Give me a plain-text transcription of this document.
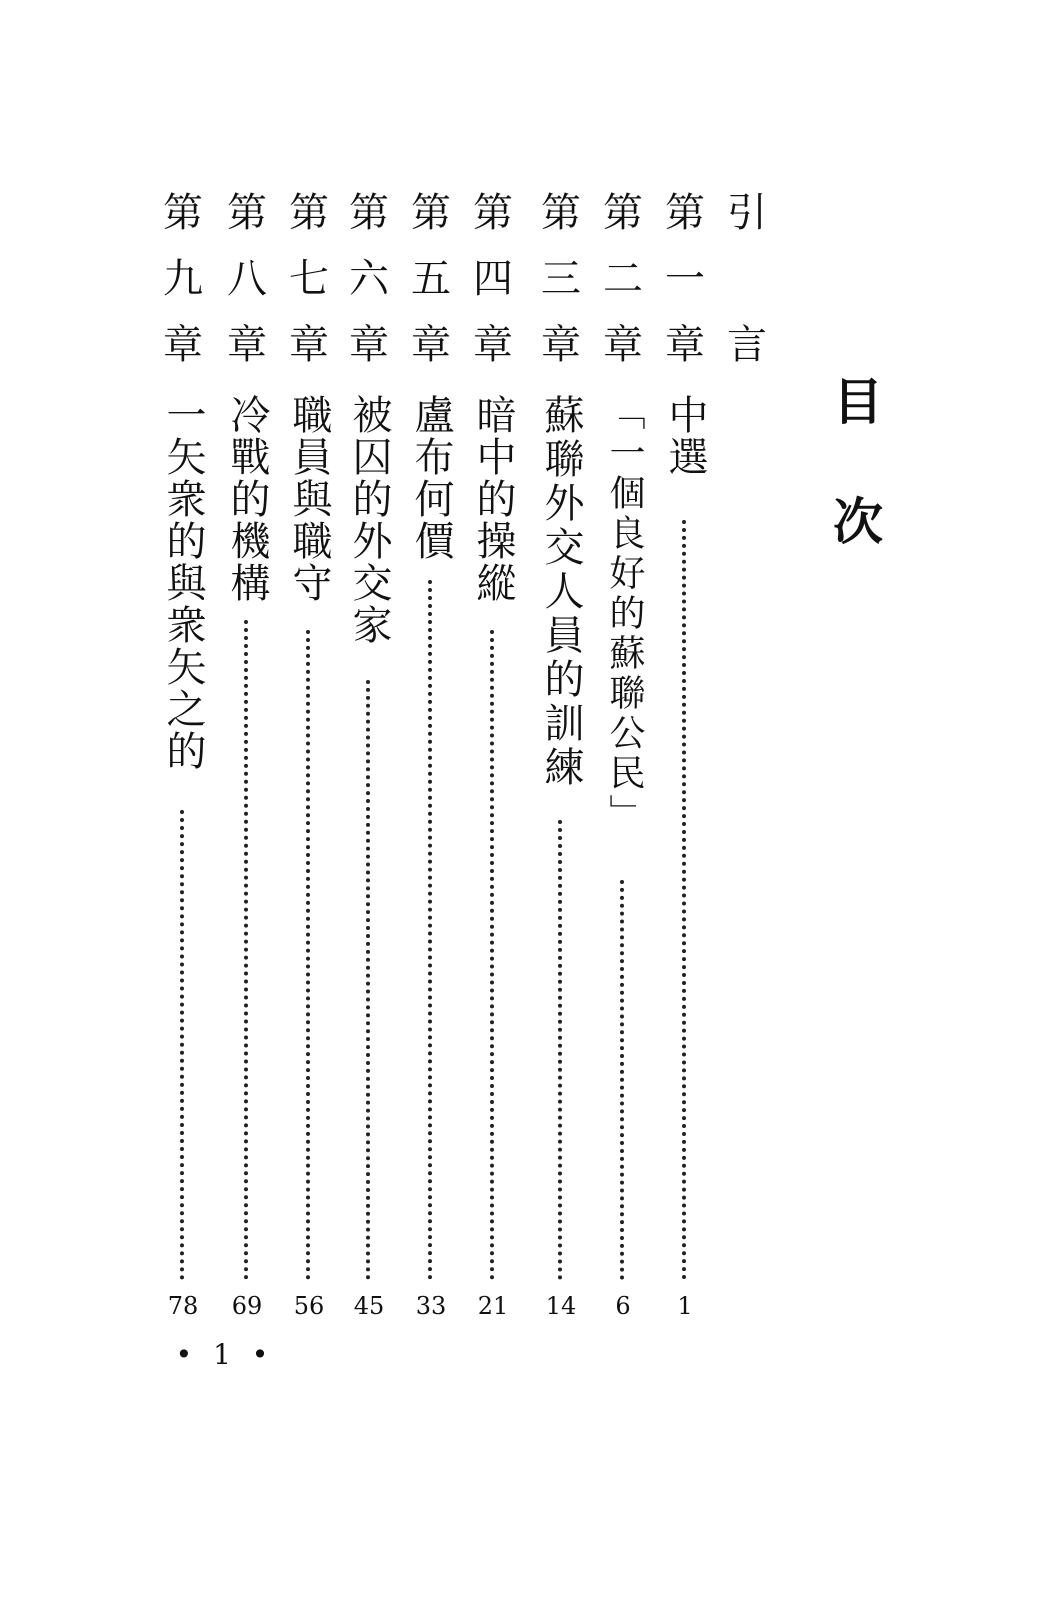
目
次
引
言
第
一
章
中選
1
第
二
章
「一個良好的蘇聯公民」
6
第
三
章
蘇聯外交人員的訓練
14
第
四
章
暗中的操縱
21
第
五
章
盧布何價
33
第
六
章
被囚的外交家
45
第
七
章
職員與職守
56
第
八
章
冷戰的機構
69
第
九
章
一矢衆的與衆矢之的
78
• 1 •
